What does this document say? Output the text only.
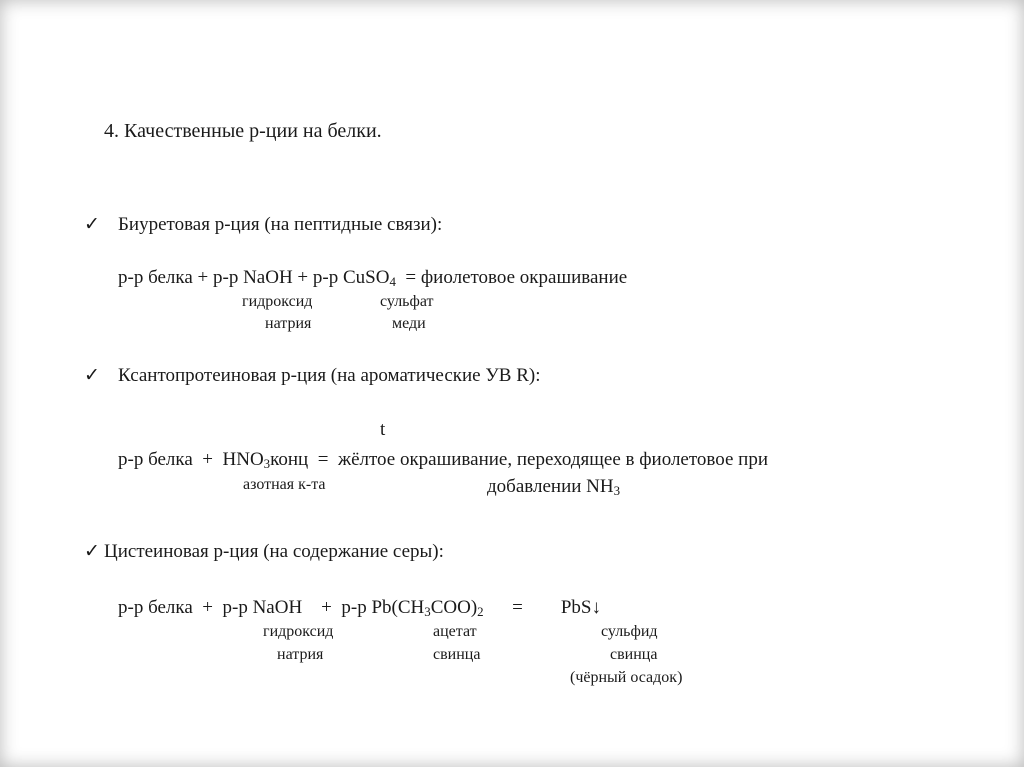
4. Качественные р-ции на белки.
✓ Биуретовая р-ция (на пептидные связи):
р-р белка + р-р NaOH + р-р CuSO$_4$  = фиолетовое окрашивание
гидроксид
натрия
сульфат
меди
✓ Ксантопротеиновая р-ция (на ароматические УВ R):
t
р-р белка  +  $HNO_3конц$  =  жёлтое окрашивание, переходящее в фиолетовое при
азотная к-та	добавлении $NH_3$
✓ Цистеиновая р-ция (на содержание серы):
р-р белка  +  р-р NaOH    +  р-р $Pb(CH_3COO)_2$      =        PbS↓
гидроксид
натрия
ацетат
свинца
сульфид
свинца
(чёрный осадок)
